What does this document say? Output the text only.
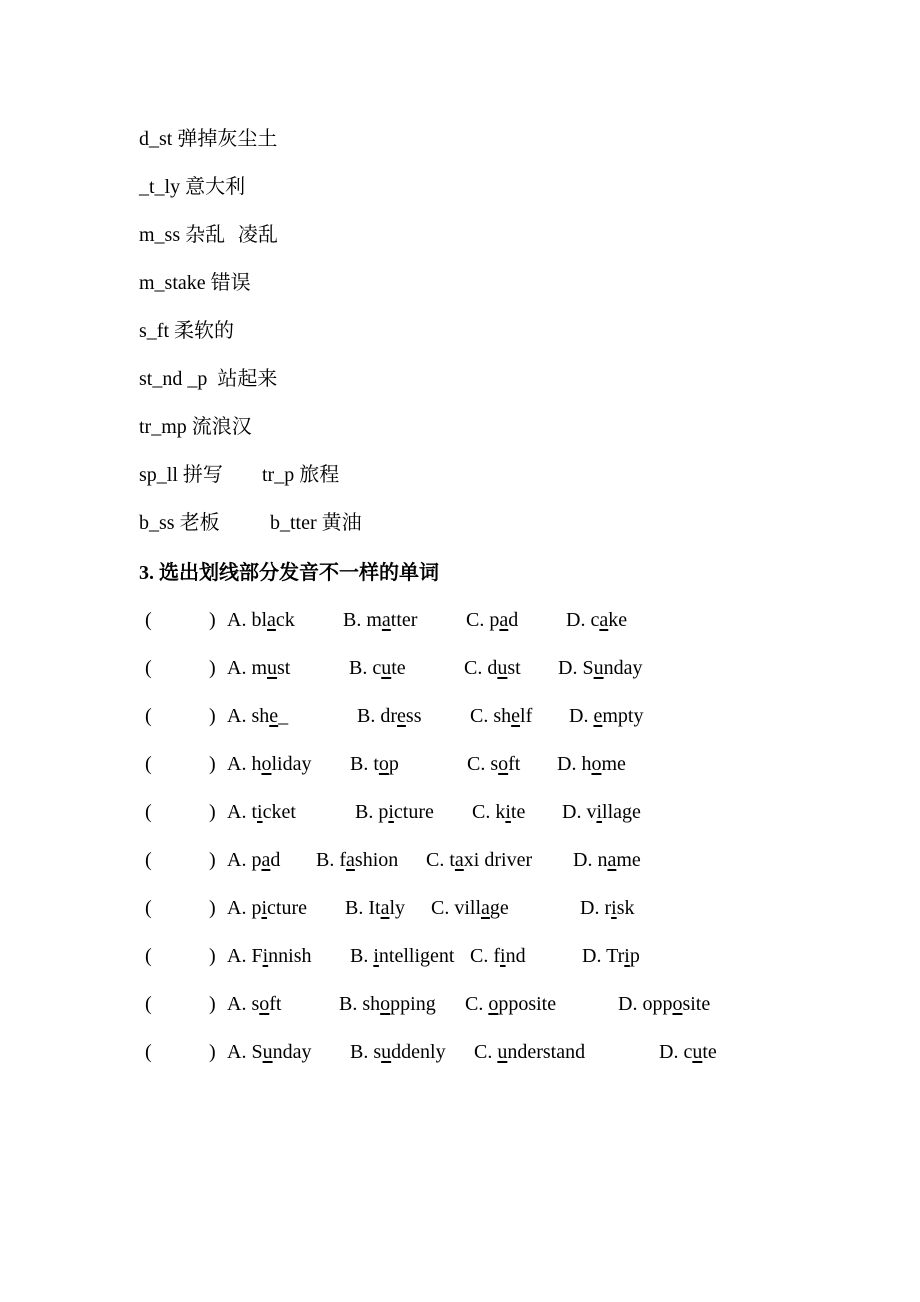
d_st 弹掉灰尘土
_t_ly 意大利
m_ss 杂乱  凌乱
m_stake 错误
s_ft 柔软的
st_nd _p 站起来
tr_mp 流浪汉
sp_ll 拼写 tr_p 旅程
b_ss 老板	b_tter 黄油
3. 选出划线部分发音不一样的单词
(	) A. black B. matter C. pad D. cake
(	) A. must	B. cute	C. dust D. Sunday
(	) A. she_	B. dress C. shelf D. empty
(	) A. holiday B. top	C. soft D. home
(	) A. ticket	B. picture C. kite D. village
(	) A. pad B. fashion C. taxi driver D. name
(	) A. picture B. Italy C. village	D. risk
(	) A. Finnish B. intelligent C. find	D. Trip
(	) A. soft	B. shopping C. opposite	D. opposite
(	) A. Sunday B. suddenly C. understand	D. cute
